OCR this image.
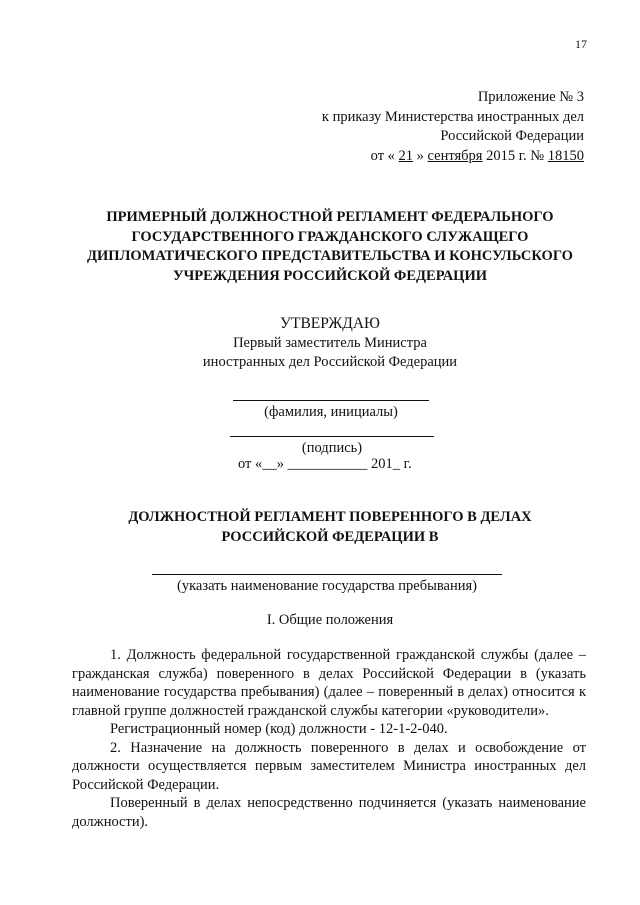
17
Приложение № 3
к приказу Министерства иностранных дел
Российской Федерации
от « 21 » сентября 2015 г. № 18150
ПРИМЕРНЫЙ ДОЛЖНОСТНОЙ РЕГЛАМЕНТ ФЕДЕРАЛЬНОГО
ГОСУДАРСТВЕННОГО ГРАЖДАНСКОГО СЛУЖАЩЕГО
ДИПЛОМАТИЧЕСКОГО ПРЕДСТАВИТЕЛЬСТВА И КОНСУЛЬСКОГО
УЧРЕЖДЕНИЯ РОССИЙСКОЙ ФЕДЕРАЦИИ
УТВЕРЖДАЮ
Первый заместитель Министра
иностранных дел Российской Федерации
(фамилия, инициалы)
(подпись)
от «__» ___________ 201_ г.
ДОЛЖНОСТНОЙ РЕГЛАМЕНТ ПОВЕРЕННОГО В ДЕЛАХ
РОССИЙСКОЙ ФЕДЕРАЦИИ В
(указать наименование государства пребывания)
I. Общие положения

1. Должность федеральной государственной гражданской службы (далее – гражданская служба) поверенного в делах Российской Федерации в (указать наименование государства пребывания) (далее – поверенный в делах) относится к главной группе должностей гражданской службы категории «руководители».

Регистрационный номер (код) должности - 12-1-2-040.

2. Назначение на должность поверенного в делах и освобождение от должности осуществляется первым заместителем Министра иностранных дел Российской Федерации.

Поверенный в делах непосредственно подчиняется (указать наименование должности).
